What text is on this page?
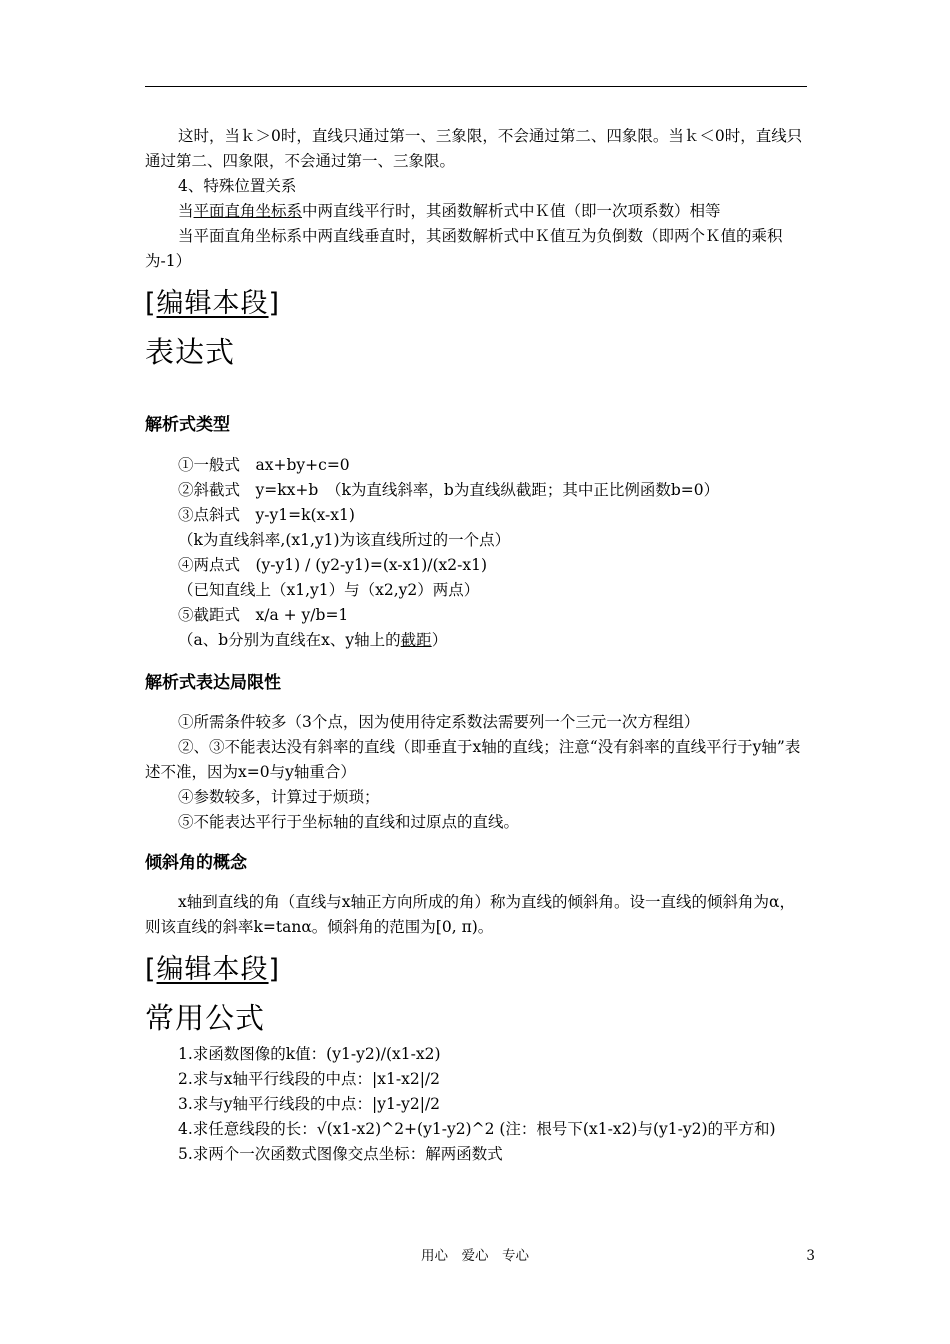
这时，当ｋ＞0时，直线只通过第一、三象限，不会通过第二、四象限。当ｋ＜0时，直线只通过第二、四象限，不会通过第一、三象限。

4、特殊位置关系

当平面直角坐标系中两直线平行时，其函数解析式中Ｋ值（即一次项系数）相等

当平面直角坐标系中两直线垂直时，其函数解析式中Ｋ值互为负倒数（即两个Ｋ值的乘积为-1）

[编辑本段]
表达式
解析式类型

①一般式　ax+by+c=0

②斜截式　y=kx+b　（k为直线斜率，b为直线纵截距；其中正比例函数b=0）

③点斜式　y-y1=k(x-x1)

（k为直线斜率,(x1,y1)为该直线所过的一个点）

④两点式　(y-y1) / (y2-y1)=(x-x1)/(x2-x1)

（已知直线上（x1,y1）与（x2,y2）两点）

⑤截距式　x/a + y/b=1

（a、b分别为直线在x、y轴上的截距）

解析式表达局限性

①所需条件较多（3个点，因为使用待定系数法需要列一个三元一次方程组）

②、③不能表达没有斜率的直线（即垂直于x轴的直线；注意“没有斜率的直线平行于y轴”表述不准，因为x=0与y轴重合）

④参数较多，计算过于烦琐；

⑤不能表达平行于坐标轴的直线和过原点的直线。

倾斜角的概念

x轴到直线的角（直线与x轴正方向所成的角）称为直线的倾斜角。设一直线的倾斜角为α，则该直线的斜率k=tanα。倾斜角的范围为[0, π)。

[编辑本段]
常用公式

1.求函数图像的k值：(y1-y2)/(x1-x2)

2.求与x轴平行线段的中点：|x1-x2|/2

3.求与y轴平行线段的中点：|y1-y2|/2

4.求任意线段的长：√(x1-x2)^2+(y1-y2)^2 (注：根号下(x1-x2)与(y1-y2)的平方和)

5.求两个一次函数式图像交点坐标：解两函数式

用心　爱心　专心	3
